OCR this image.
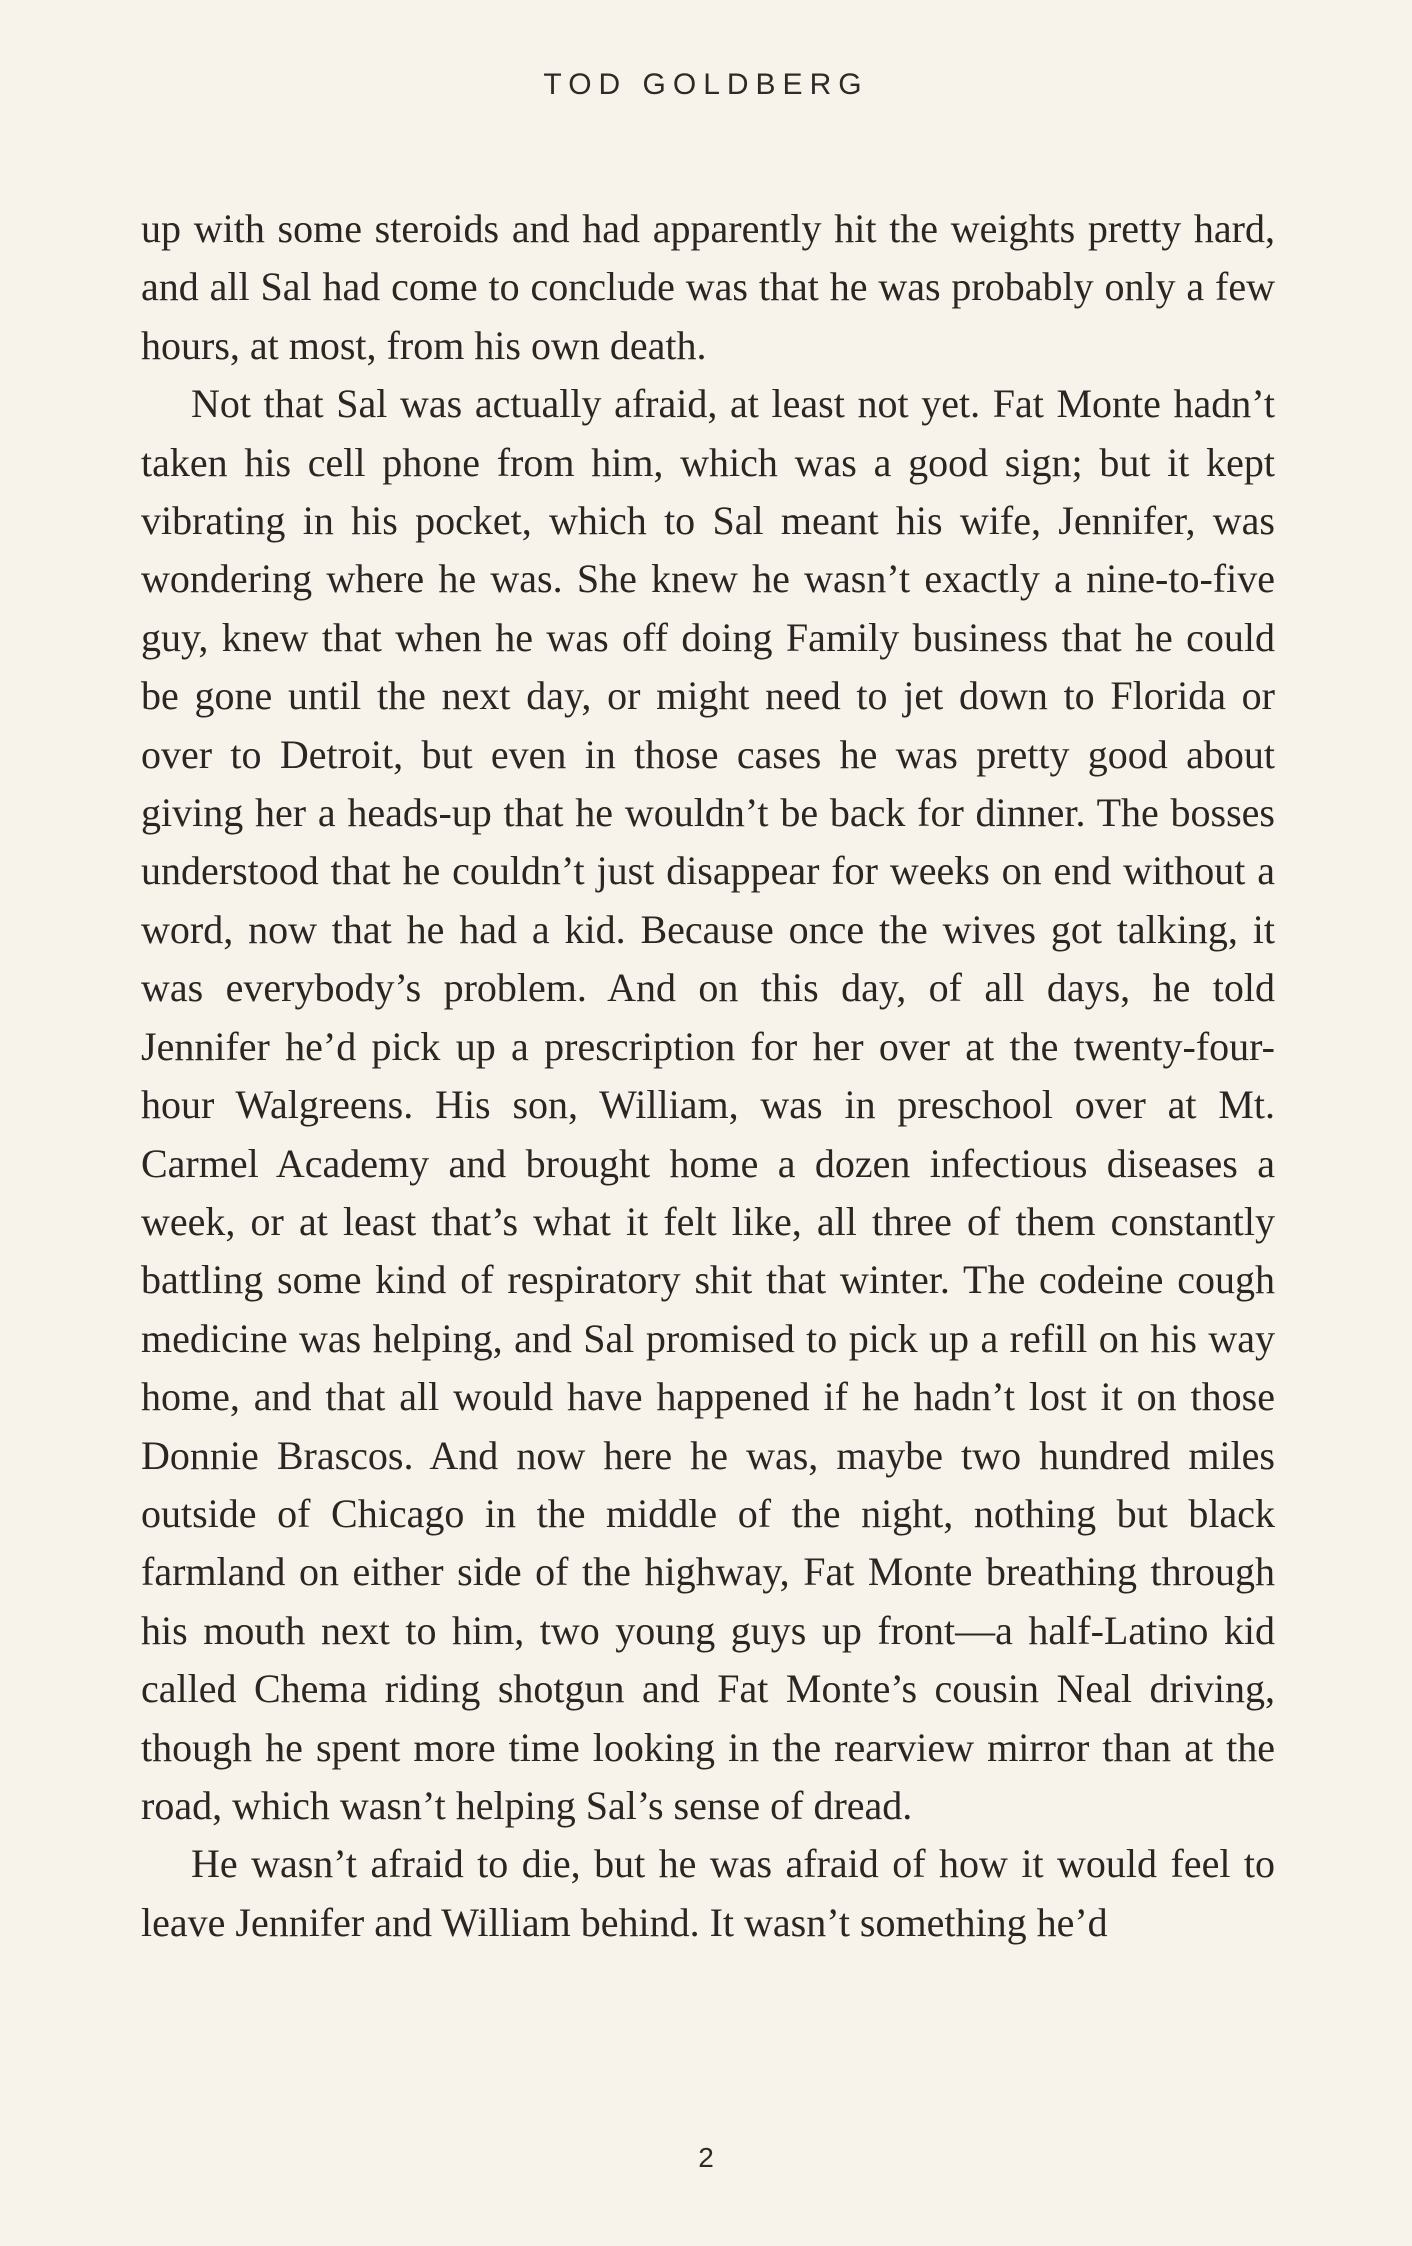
TOD GOLDBERG

up with some steroids and had apparently hit the weights pretty hard, and all Sal had come to conclude was that he was probably only a few hours, at most, from his own death.

Not that Sal was actually afraid, at least not yet. Fat Monte hadn’t taken his cell phone from him, which was a good sign; but it kept vibrating in his pocket, which to Sal meant his wife, Jennifer, was wondering where he was. She knew he wasn’t exactly a nine-to-five guy, knew that when he was off doing Family business that he could be gone until the next day, or might need to jet down to Florida or over to Detroit, but even in those cases he was pretty good about giving her a heads-up that he wouldn’t be back for dinner. The bosses understood that he couldn’t just disappear for weeks on end without a word, now that he had a kid. Because once the wives got talking, it was everybody’s problem. And on this day, of all days, he told Jennifer he’d pick up a prescription for her over at the twenty-four-hour Walgreens. His son, William, was in preschool over at Mt. Carmel Academy and brought home a dozen infectious diseases a week, or at least that’s what it felt like, all three of them constantly battling some kind of respiratory shit that winter. The codeine cough medicine was helping, and Sal promised to pick up a refill on his way home, and that all would have happened if he hadn’t lost it on those Donnie Brascos. And now here he was, maybe two hundred miles outside of Chicago in the middle of the night, nothing but black farmland on either side of the highway, Fat Monte breathing through his mouth next to him, two young guys up front—a half-Latino kid called Chema riding shotgun and Fat Monte’s cousin Neal driving, though he spent more time looking in the rearview mirror than at the road, which wasn’t helping Sal’s sense of dread.

He wasn’t afraid to die, but he was afraid of how it would feel to leave Jennifer and William behind. It wasn’t something he’d

2
